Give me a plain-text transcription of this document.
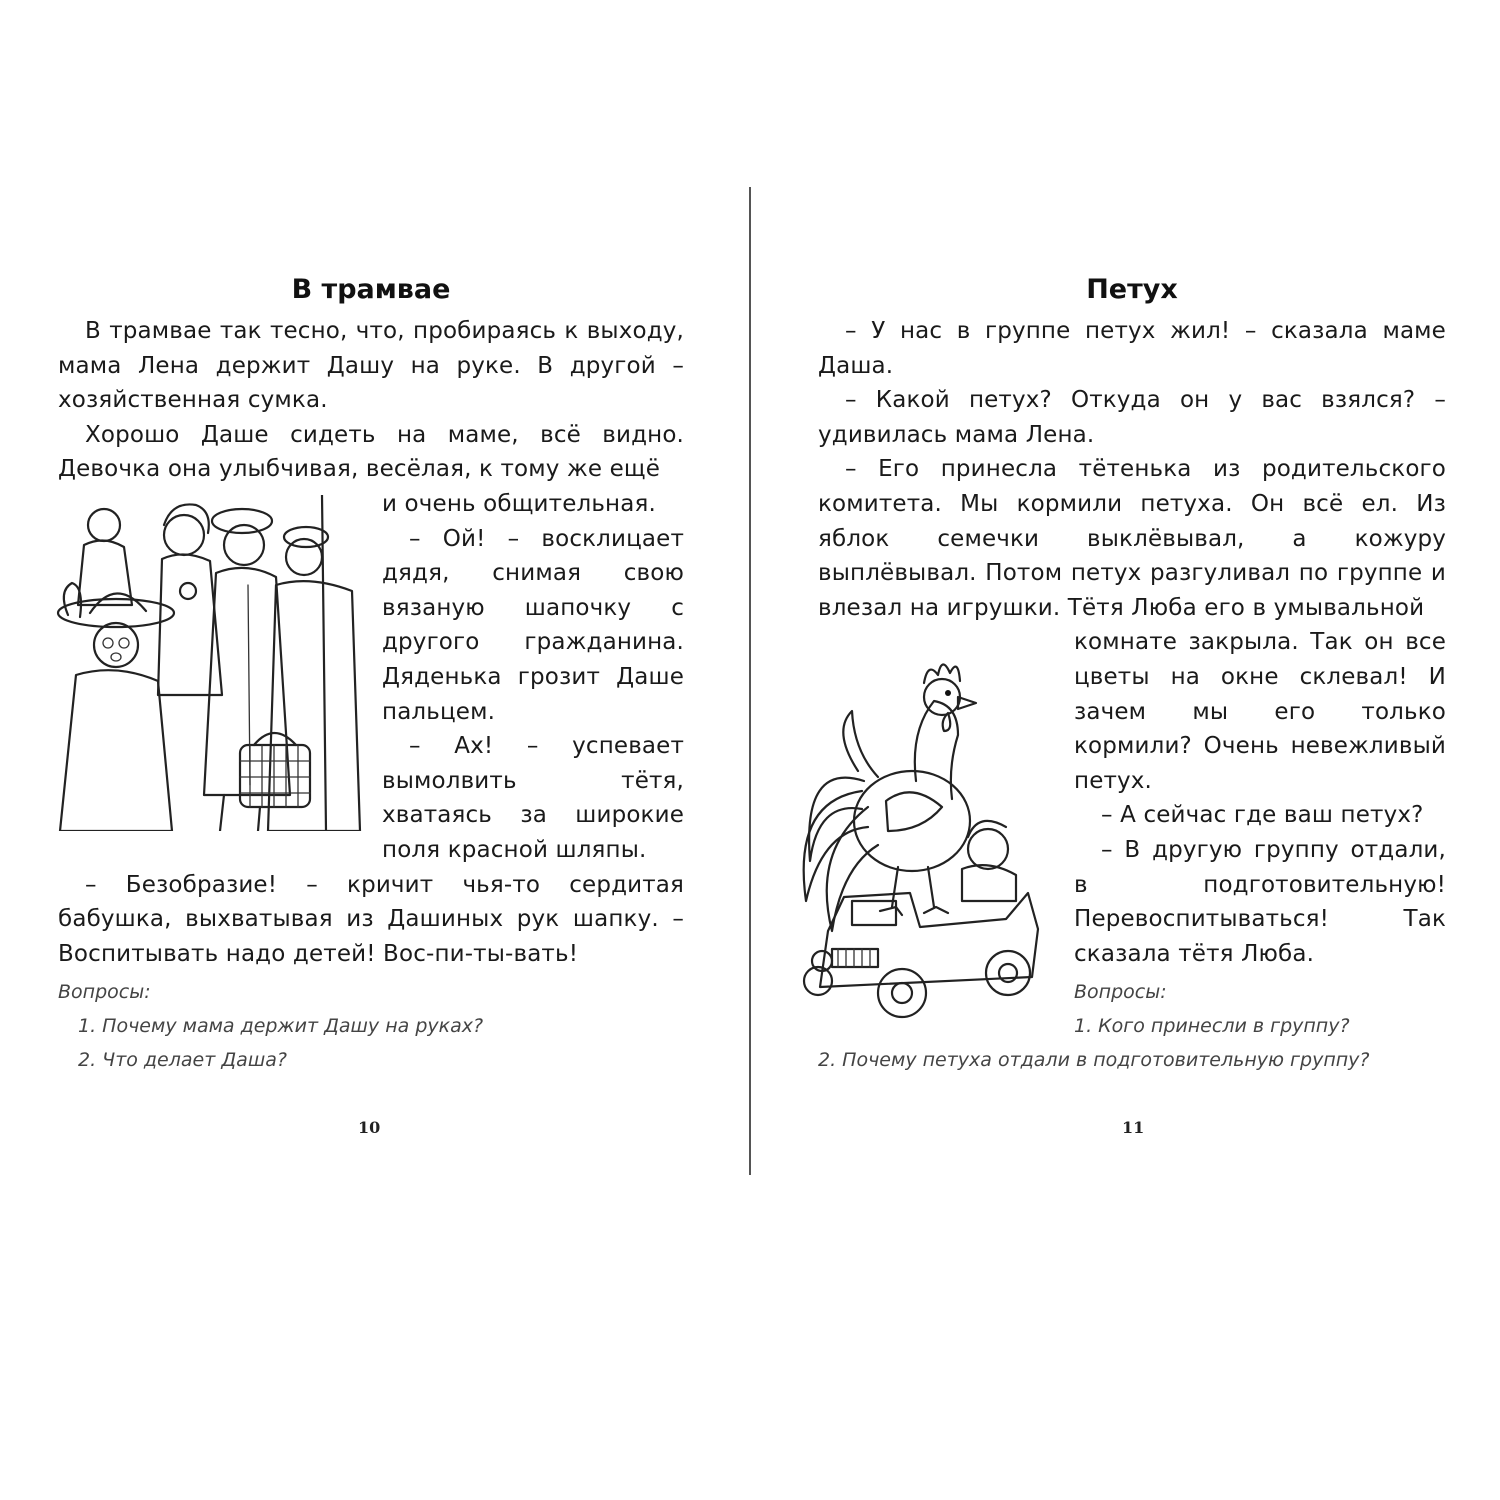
В трамвае

В трамвае так тесно, что, пробираясь к выходу, мама Лена держит Дашу на руке. В другой – хозяйственная сумка.

Хорошо Даше сидеть на маме, всё видно. Девочка она улыбчивая, весёлая, к тому же ещё

и очень общительная.

– Ой! – восклицает дядя, снимая свою вязаную шапочку с другого гражданина. Дяденька грозит Даше пальцем.

– Ах! – успевает вымолвить тётя, хватаясь за широкие поля красной шляпы.

– Безобразие! – кричит чья-то сердитая бабушка, выхватывая из Дашиных рук шапку. – Воспитывать надо детей! Вос-пи-ты-вать!

Вопросы:

1. Почему мама держит Дашу на руках?

2. Что делает Даша?

10
Петух

– У нас в группе петух жил! – сказала маме Даша.

– Какой петух? Откуда он у вас взялся? – удивилась мама Лена.

– Его принесла тётенька из родительского комитета. Мы кормили петуха. Он всё ел. Из яблок семечки выклёвывал, а кожуру выплёвывал. Потом петух разгуливал по группе и влезал на игрушки. Тётя Люба его в умывальной

комнате закрыла. Так он все цветы на окне склевал! И зачем мы его только кормили? Очень невежливый петух.

– А сейчас где ваш петух?

– В другую группу отдали, в подготовительную! Перевоспитываться! Так сказала тётя Люба.

Вопросы:

1. Кого принесли в группу?

2. Почему петуха отдали в подготовительную группу?

11
